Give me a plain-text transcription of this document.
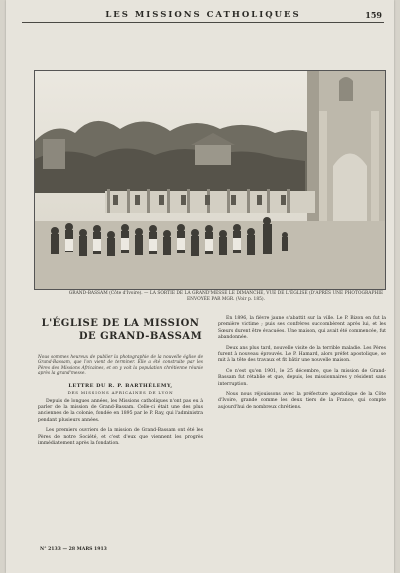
LES MISSIONS CATHOLIQUES	159
GRAND-BASSAM (Côte d'Ivoire). — LA SORTIE DE LA GRAND'MESSE LE DIMANCHE, VUE DE L'ÉGLISE (D'APRÈS UNE PHOTOGRAPHIE ENVOYÉE PAR MGR. (Voir p. 185).
L'ÉGLISE DE LA MISSION
DE GRAND-BASSAM
Nous sommes heureux de publier la photographie de la nouvelle église de Grand-Bassam, que l'on vient de terminer. Elle a été construite par les Pères des Missions Africaines, et on y voit la population chrétienne réunie après la grand'messe.
LETTRE DU R. P. BARTHÉLEMY,
DES MISSIONS AFRICAINES DE LYON

Depuis de longues années, les Missions catholiques n'ont pas eu à parler de la mission de Grand-Bassam. Celle-ci était une des plus anciennes de la colonie, fondée en 1895 par le P. Ray, qui l'administra pendant plusieurs années.

Les premiers ouvriers de la mission de Grand-Bassam ont été les Pères de notre Société, et c'est d'eux que viennent les progrès immédiatement après la fondation.

En 1896, la fièvre jaune s'abattit sur la ville. Le P. Bizon en fut la première victime ; puis ses confrères succombèrent après lui, et les Sœurs durent être évacuées. Une maison, qui avait été commencée, fut abandonnée.

Deux ans plus tard, nouvelle visite de la terrible maladie. Les Pères furent à nouveau éprouvés. Le P. Hamard, alors préfet apostolique, se mit à la tête des travaux et fit bâtir une nouvelle maison.

Ce n'est qu'en 1901, le 25 décembre, que la mission de Grand-Bassam fut rétablie et que, depuis, les missionnaires y résident sans interruption.

Nous nous réjouissons avec la préfecture apostolique de la Côte d'Ivoire, grande comme les deux tiers de la France, qui compte aujourd'hui de nombreux chrétiens.

N° 2133 — 28 MARS 1913
